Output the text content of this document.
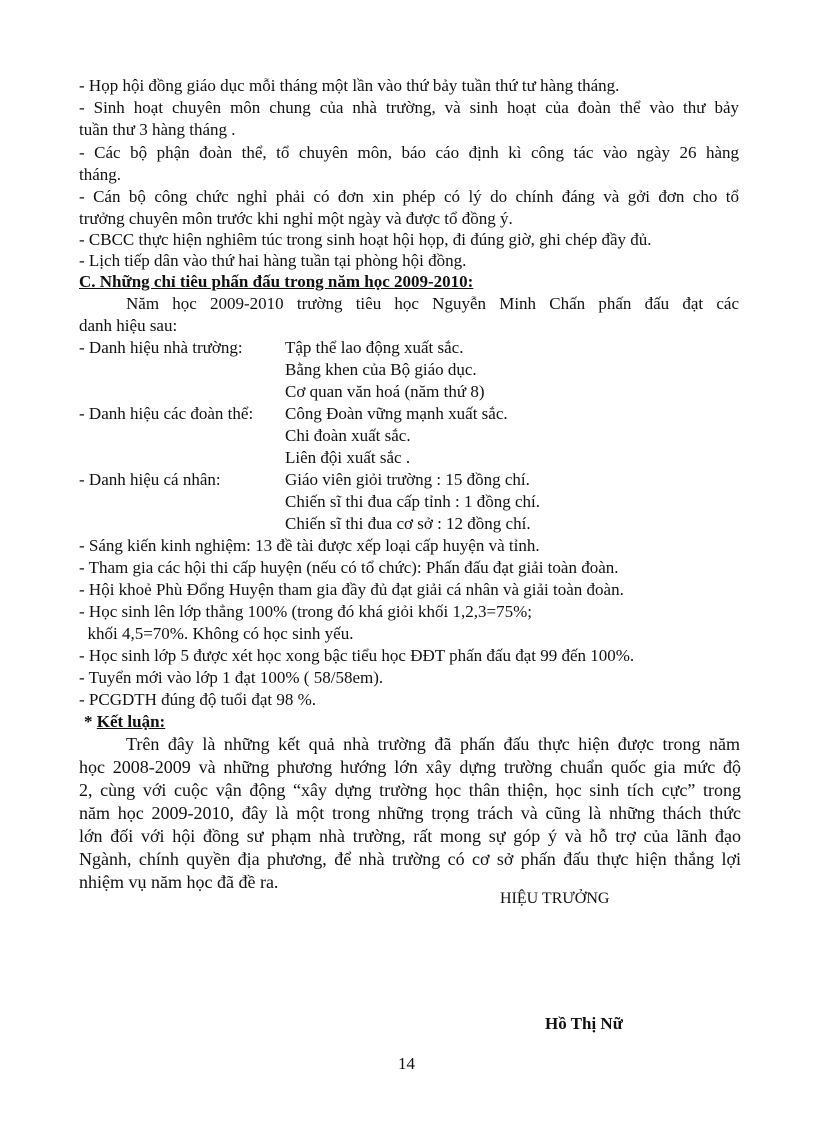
- Họp hội đồng giáo dục mỗi tháng một lần vào thứ bảy tuần thứ tư hàng tháng.
- Sinh hoạt chuyên môn chung của nhà trường, và sinh hoạt của đoàn thể vào thư bảy
tuần thư 3 hàng tháng .
- Các bộ phận đoàn thể, tổ chuyên môn, báo cáo định kì công tác vào ngày 26 hàng
tháng.
- Cán bộ công chức nghỉ phải có đơn xin phép có lý do chính đáng và gởi đơn cho tổ
trưởng chuyên môn trước khi nghỉ một ngày và được tổ đồng ý.
- CBCC thực hiện nghiêm túc trong sinh hoạt hội họp, đi đúng giờ, ghi chép đầy đủ.
- Lịch tiếp dân vào thứ hai hàng tuần tại phòng hội đồng.
C. Những chỉ tiêu phấn đấu trong năm học 2009-2010:
Năm học 2009-2010 trường tiêu học Nguyễn Minh Chấn phấn đấu đạt các
danh hiệu sau:
- Danh hiệu nhà trường: Tập thể lao động xuất sắc.
Bằng khen của Bộ giáo dục.
Cơ quan văn hoá (năm thứ 8)
- Danh hiệu các đoàn thể: Công Đoàn vững mạnh xuất sắc.
Chi đoàn xuất sắc.
Liên đội xuất sắc .
- Danh hiệu cá nhân:	Giáo viên giỏi trường : 15 đồng chí.
Chiến sĩ thi đua cấp tỉnh : 1 đồng chí.
Chiến sĩ thi đua cơ sở : 12 đồng chí.
- Sáng kiến kinh nghiệm: 13 đề tài được xếp loại cấp huyện và tỉnh.
- Tham gia các hội thi cấp huyện (nếu có tổ chức): Phấn đấu đạt giải toàn đoàn.
- Hội khoẻ Phù Đổng Huyện tham gia đầy đủ đạt giải cá nhân và giải toàn đoàn.
- Học sinh lên lớp thẳng 100% (trong đó khá giỏi khối 1,2,3=75%;
khối 4,5=70%. Không có học sinh yếu.
- Học sinh lớp 5 được xét học xong bậc tiểu học ĐĐT phấn đấu đạt 99 đến 100%.
- Tuyển mới vào lớp 1 đạt 100% ( 58/58em).
- PCGDTH đúng độ tuổi đạt 98 %.
* Kết luận:
Trên đây là những kết quả nhà trường đã phấn đấu thực hiện được trong năm
học 2008-2009 và những phương hướng lớn xây dựng trường chuẩn quốc gia mức độ
2, cùng với cuộc vận động “xây dựng trường học thân thiện, học sinh tích cực” trong
năm học 2009-2010, đây là một trong những trọng trách và cũng là những thách thức
lớn đối với hội đồng sư phạm nhà trường, rất mong sự góp ý và hỗ trợ của lãnh đạo
Ngành, chính quyền địa phương, để nhà trường có cơ sở phấn đấu thực hiện thắng lợi
nhiệm vụ năm học đã đề ra.
HIỆU TRƯỞNG
Hồ Thị Nữ
14
